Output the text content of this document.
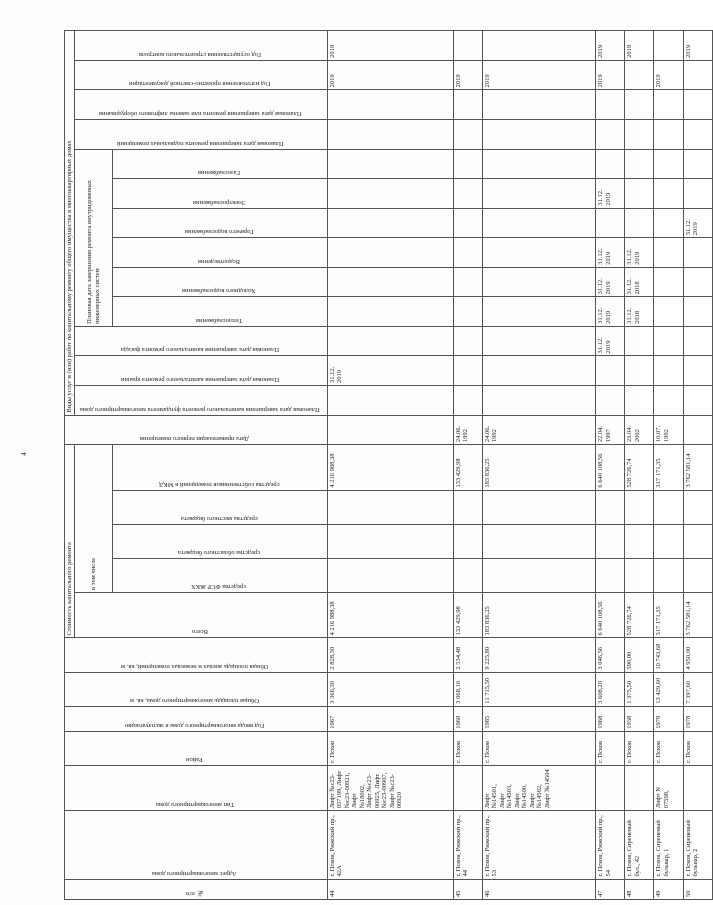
№ п/п	Адрес многоквартирного дома	Тип многоквартирного дома	Район	Год ввода многоквартирного дома в эксплуатацию	Общая площадь многоквартирного дома, кв. м	Общая площадь жилых и нежилых помещений, кв. м	Стоимость капитального ремонта					Дата приватизации первого помещения	Виды услуг и (или) работ по капитальному ремонту общего имущества в многоквартирных домах												
							Всего	в том числе					Плановая дата завершения капитального ремонта фундамента многоквартирного дома	Плановая дата завершения капитального ремонта крыши	Плановая дата завершения капитального ремонта фасада	Плановая дата завершения ремонта внутридомовых инженерных систем						Плановая дата завершения ремонта подвальных помещений	Плановая дата завершения ремонта или замены лифтового оборудования	Год изготовления проектно-сметной документации	Год осуществления строительного контроля
								средства ФСР ЖКХ	средства областного бюджета	средства местного бюджета	средства собственников помещений в МКД					Теплоснабжения	Холодного водоснабжения	Водоотведения	Горячего водоснабжения	Электроснабжения	Газоснабжения				
44	г. Псков, Рижский пр., 42А	Лифт №с23-057199, Лифт №с23-00921, Лифт №18002, Лифт №с23-00925, Лифт №с23-00907, Лифт №с23-00920	г. Псков	1967	3 366,30	2 828,30	4 216 988,38				4 216 988,38			31.12. 2019										2019	2019
45	г. Псков, Рижский пр., 44		г. Псков	1968	3 068,10	2 534,48	133 429,98				133 429,98	24.06. 1992												2019	
46	г. Псков, Рижский пр., 53	Лифт №14501, Лифт №14503, Лифт №14500, Лифт №14502, Лифт №14504	г. Псков	1985	11 715,50	9 225,80	183 836,25				183 836,25	24.06. 1992												2019	
47	г. Псков, Рижский пр., 54		г. Псков	1968	3 608,20	3 046,56	6 640 108,56				6 640 108,56	22.04. 1997			31.12. 2019	31.12. 2019	31.12. 2019	31.12. 2019		31.12. 2019				2019	2019
48	г. Псков, Сиреневый бул., 42		г. Псков	1938	1 375,50	590,00	528 726,74				528 726,74	23.04. 2002				31.12. 2018	31.12. 2018	31.12. 2019							2019
49	г. Псков, Сиреневый бульвар, 1	Лифт N 07598,	г. Псков	1978	13 429,60	10 743,68	317 171,35				317 171,35	10.07. 1992												2019	
50	г. Псков, Сиреневый бульвар, 2		г. Псков	1978	7 397,60	4 950,00	3 762 581,14				3 762 581,14								31.12. 2019						2019
4
